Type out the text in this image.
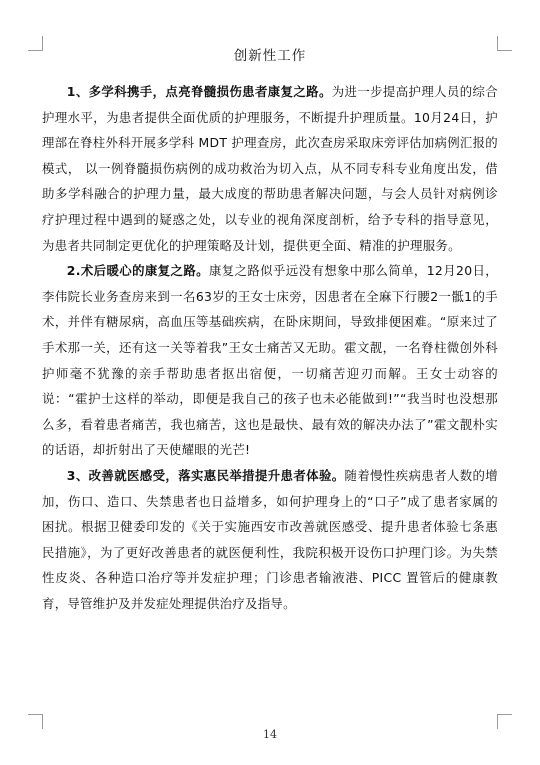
创新性工作

1、多学科携手，点亮脊髓损伤患者康复之路。为进一步提高护理人员的综合护理水平，为患者提供全面优质的护理服务，不断提升护理质量。10月24日，护理部在脊柱外科开展多学科 MDT 护理查房，此次查房采取床旁评估加病例汇报的模式， 以一例脊髓损伤病例的成功救治为切入点，从不同专科专业角度出发，借助多学科融合的护理力量，最大成度的帮助患者解决问题，与会人员针对病例诊疗护理过程中遇到的疑惑之处，以专业的视角深度剖析，给予专科的指导意见，为患者共同制定更优化的护理策略及计划，提供更全面、精准的护理服务。

2.术后暖心的康复之路。康复之路似乎远没有想象中那么简单，12月20日，李伟院长业务查房来到一名63岁的王女士床旁，因患者在全麻下行腰2一骶1的手术，并伴有糖尿病，高血压等基础疾病，在卧床期间，导致排便困难。“原来过了手术那一关，还有这一关等着我”王女士痛苦又无助。霍文靓，一名脊柱微创外科护师毫不犹豫的亲手帮助患者抠出宿便，一切痛苦迎刃而解。王女士动容的说：“霍护士这样的举动，即便是我自己的孩子也未必能做到!”“我当时也没想那么多，看着患者痛苦，我也痛苦，这也是最快、最有效的解决办法了”霍文靓朴实的话语，却折射出了天使耀眼的光芒!

3、改善就医感受，落实惠民举措提升患者体验。随着慢性疾病患者人数的增加，伤口、造口、失禁患者也日益增多，如何护理身上的“口子”成了患者家属的困扰。根据卫健委印发的《关于实施西安市改善就医感受、提升患者体验七条惠民措施》，为了更好改善患者的就医便利性，我院积极开设伤口护理门诊。为失禁性皮炎、各种造口治疗等并发症护理；门诊患者输液港、PICC 置管后的健康教育，导管维护及并发症处理提供治疗及指导。

14
